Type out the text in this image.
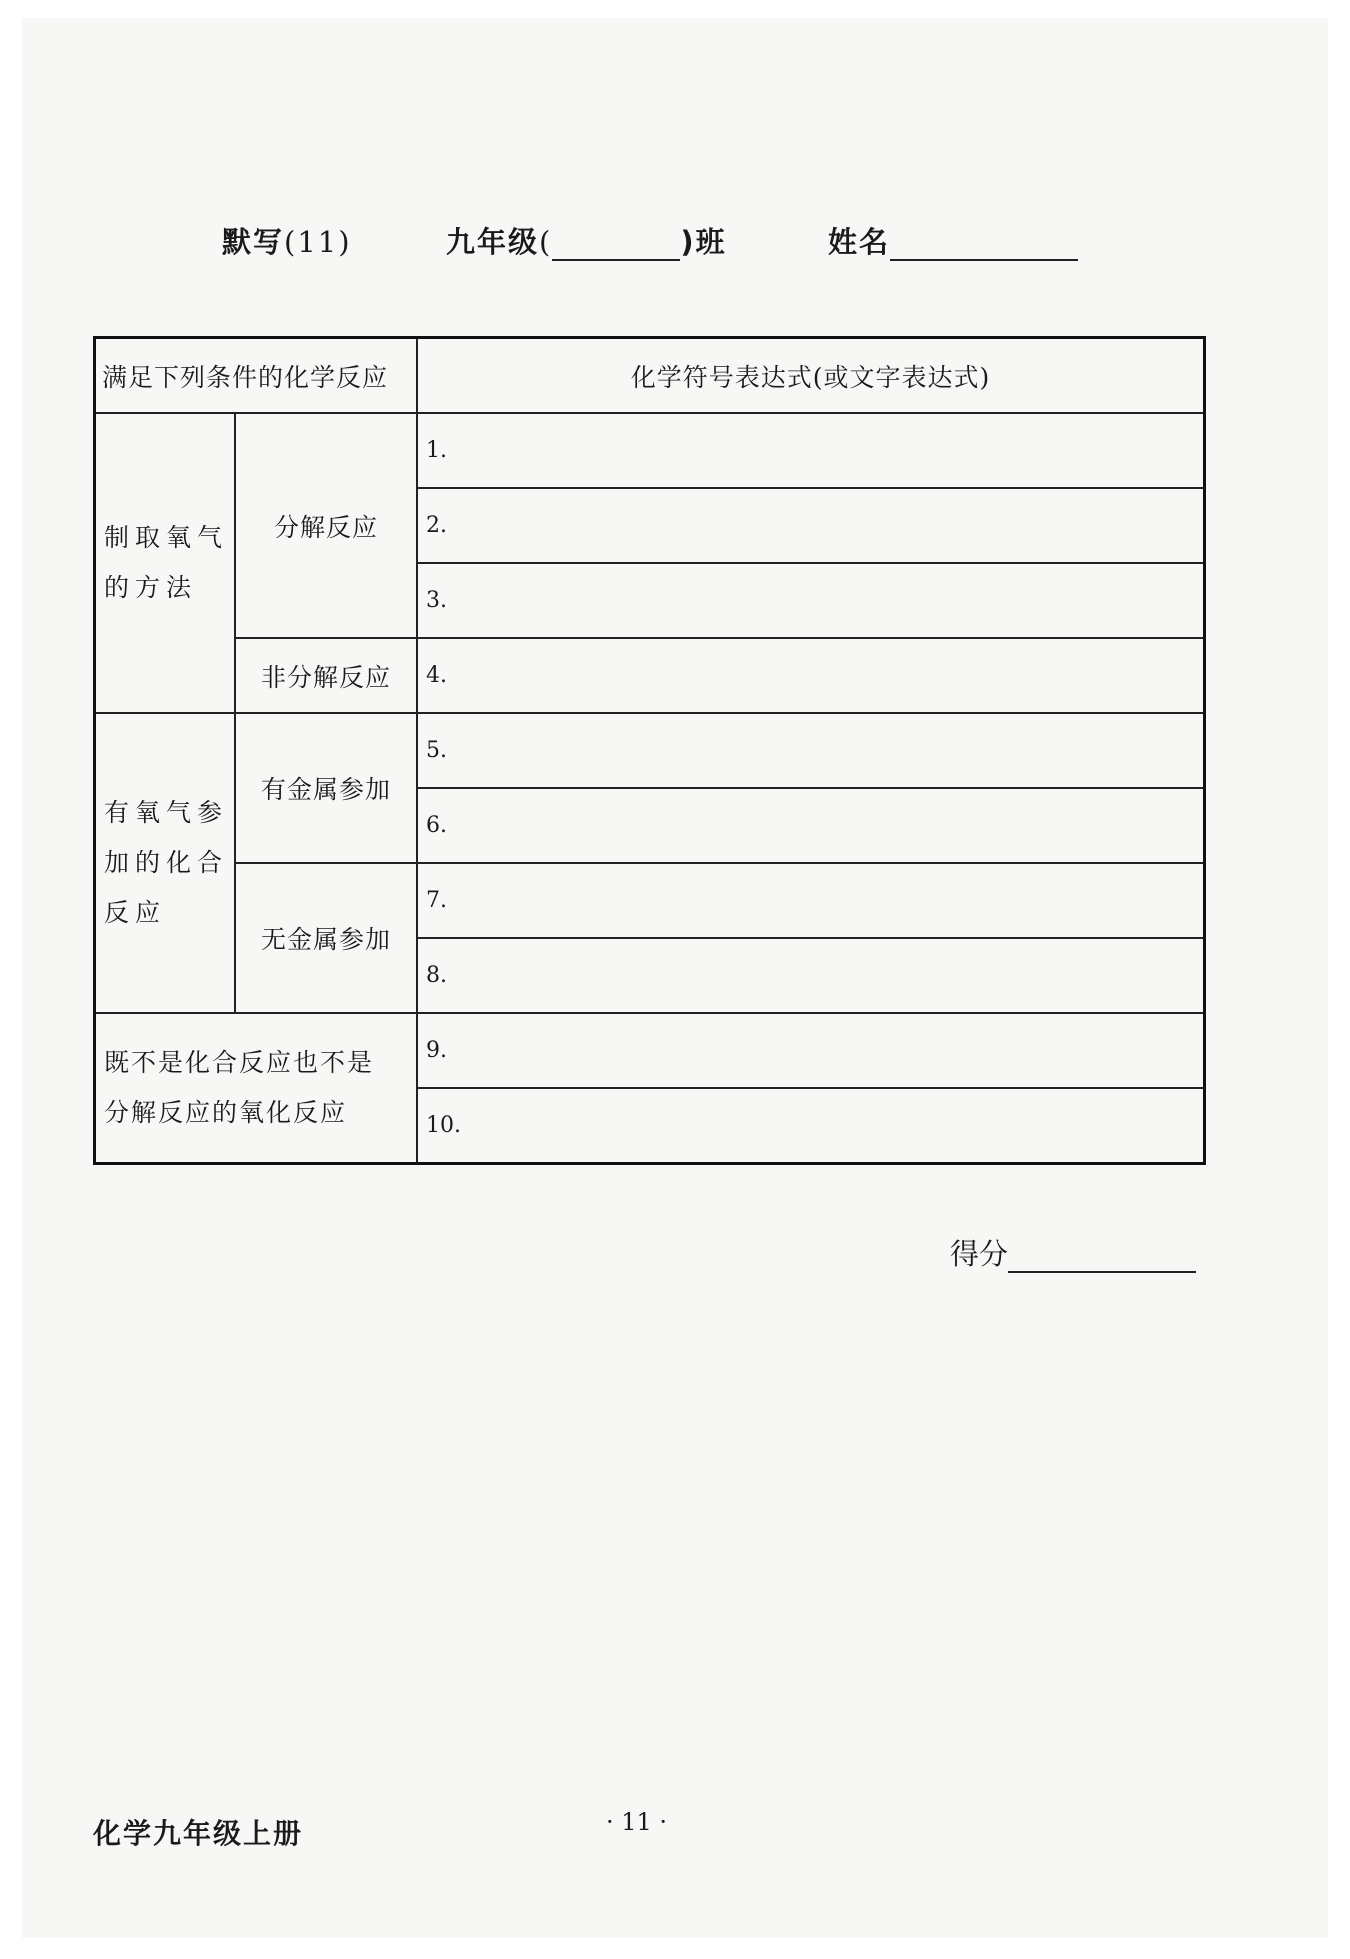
默写(11)	九年级(	)班	姓名
满足下列条件的化学反应		化学符号表达式(或文字表达式)

制取氧气
的方法	分解反应	1.
		2.
		3.
	非分解反应	4.

有氧气参
加的化合
反应	有金属参加	5.
		6.
	无金属参加	7.
		8.

既不是化合反应也不是
分解反应的氧化反应		9.
		10.
得分
化学九年级上册	· 11 ·
